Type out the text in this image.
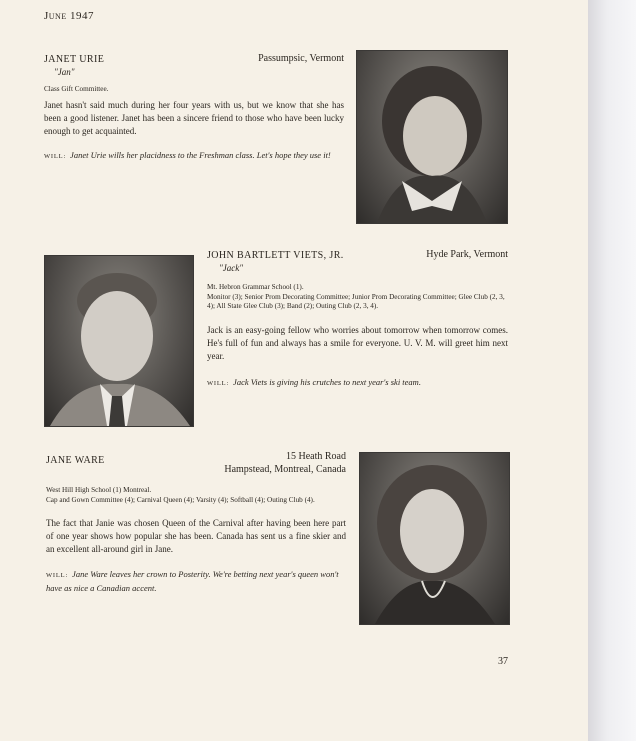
June 1947
JANET URIE
"Jan"
Passumpsic, Vermont
Class Gift Committee.
Janet hasn't said much during her four years with us, but we know that she has been a good listener. Janet has been a sincere friend to those who have been lucky enough to get acquainted.
WILL: Janet Urie wills her placidness to the Freshman class. Let's hope they use it!
JOHN BARTLETT VIETS, JR.
"Jack"
Hyde Park, Vermont
Mt. Hebron Grammar School (1).
Monitor (3); Senior Prom Decorating Committee; Junior Prom Decorating Committee; Glee Club (2, 3, 4); All State Glee Club (3); Band (2); Outing Club (2, 3, 4).
Jack is an easy-going fellow who worries about tomorrow when tomorrow comes. He's full of fun and always has a smile for everyone. U. V. M. will greet him next year.
WILL: Jack Viets is giving his crutches to next year's ski team.
JANE WARE	15 Heath Road
Hampstead, Montreal, Canada
West Hill High School (1) Montreal.
Cap and Gown Committee (4); Carnival Queen (4); Varsity (4); Softball (4); Outing Club (4).
The fact that Janie was chosen Queen of the Carnival after having been here part of one year shows how popular she has been. Canada has sent us a fine skier and an excellent all-around girl in Jane.
WILL: Jane Ware leaves her crown to Posterity. We're betting next year's queen won't have as nice a Canadian accent.
37
